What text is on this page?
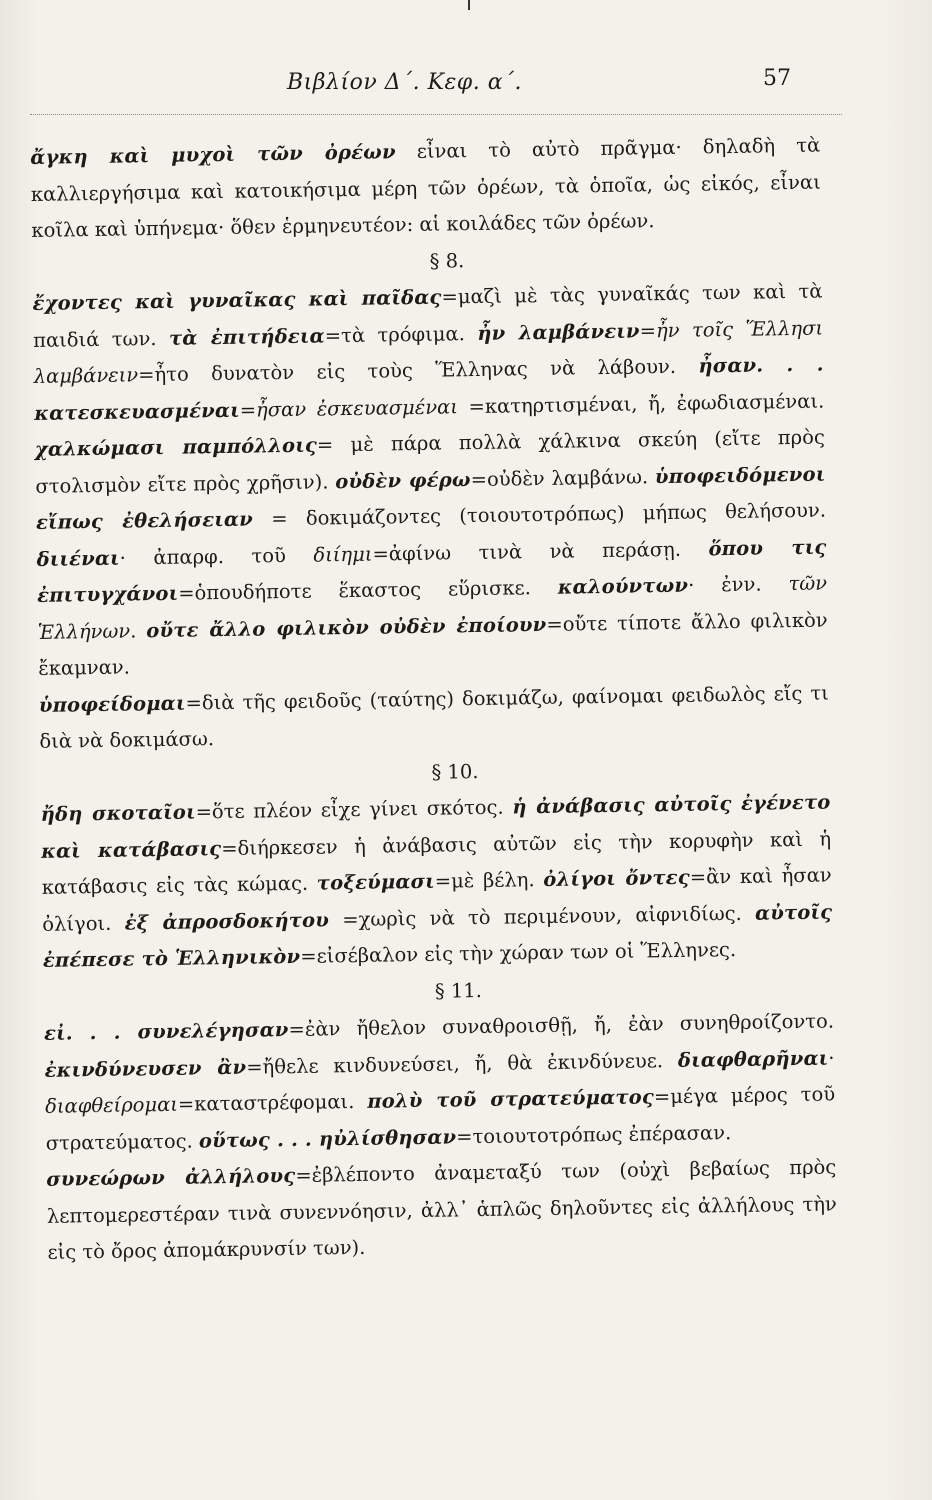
Βιβλίον Δ΄. Κεφ. α΄.	57

ἄγκη καὶ μυχοὶ τῶν ὀρέων εἶναι τὸ αὐτὸ πρᾶγμα· δηλαδὴ τὰ καλλιεργήσιμα καὶ κατοικήσιμα μέρη τῶν ὀρέων, τὰ ὁποῖα, ὡς εἰκός, εἶναι κοῖλα καὶ ὑπήνεμα· ὅθεν ἑρμηνευτέον: αἱ κοιλάδες τῶν ὀρέων.

§ 8.

ἔχοντες καὶ γυναῖκας καὶ παῖδας=μαζὶ μὲ τὰς γυναῖκάς των καὶ τὰ παιδιά των. τὰ ἐπιτήδεια=τὰ τρόφιμα. ἦν λαμβάνειν=ἦν τοῖς Ἕλλησι λαμβάνειν=ἦτο δυνατὸν εἰς τοὺς Ἕλληνας νὰ λάβουν. ἦσαν. . . κατεσκευασμέναι=ἦσαν ἐσκευασμέναι =κατηρτισμέναι, ἤ, ἐφωδιασμέναι. χαλκώμασι παμπόλλοις= μὲ πάρα πολλὰ χάλκινα σκεύη (εἴτε πρὸς στολισμὸν εἴτε πρὸς χρῆσιν). οὐδὲν φέρω=οὐδὲν λαμβάνω. ὑποφειδόμενοι εἴπως ἐθελήσειαν = δοκιμάζοντες (τοιουτοτρόπως) μήπως θελήσουν. διιέναι· ἀπαρφ. τοῦ διίημι=ἀφίνω τινὰ νὰ περάσῃ. ὅπου τις ἐπιτυγχάνοι=ὁπουδήποτε ἕκαστος εὕρισκε. καλούντων· ἐνν. τῶν Ἑλλήνων. οὔτε ἄλλο φιλικὸν οὐδὲν ἐποίουν=οὔτε τίποτε ἄλλο φιλικὸν ἔκαμναν.

ὑποφείδομαι=διὰ τῆς φειδοῦς (ταύτης) δοκιμάζω, φαίνομαι φειδωλὸς εἴς τι διὰ νὰ δοκιμάσω.

§ 10.

ἤδη σκοταῖοι=ὅτε πλέον εἶχε γίνει σκότος. ἡ ἀνάβασις αὐτοῖς ἐγένετο καὶ κατάβασις=διήρκεσεν ἡ ἀνάβασις αὐτῶν εἰς τὴν κορυφὴν καὶ ἡ κατάβασις εἰς τὰς κώμας. τοξεύμασι=μὲ βέλη. ὀλίγοι ὄντες=ἂν καὶ ἦσαν ὀλίγοι. ἐξ ἀπροσδοκήτου =χωρὶς νὰ τὸ περιμένουν, αἰφνιδίως. αὐτοῖς ἐπέπεσε τὸ Ἑλληνικὸν=εἰσέβαλον εἰς τὴν χώραν των οἱ Ἕλληνες.

§ 11.

εἰ. . . συνελέγησαν=ἐὰν ἤθελον συναθροισθῇ, ἤ, ἐὰν συνηθροίζοντο. ἐκινδύνευσεν ἂν=ἤθελε κινδυνεύσει, ἤ, θὰ ἐκινδύνευε. διαφθαρῆναι· διαφθείρομαι=καταστρέφομαι. πολὺ τοῦ στρατεύματος=μέγα μέρος τοῦ στρατεύματος. οὕτως . . . ηὐλίσθησαν=τοιουτοτρόπως ἐπέρασαν.

συνεώρων ἀλλήλους=ἐβλέποντο ἀναμεταξύ των (οὐχὶ βεβαίως πρὸς λεπτομερεστέραν τινὰ συνεννόησιν, ἀλλ᾽ ἁπλῶς δηλοῦντες εἰς ἀλλήλους τὴν εἰς τὸ ὄρος ἀπομάκρυνσίν των).
